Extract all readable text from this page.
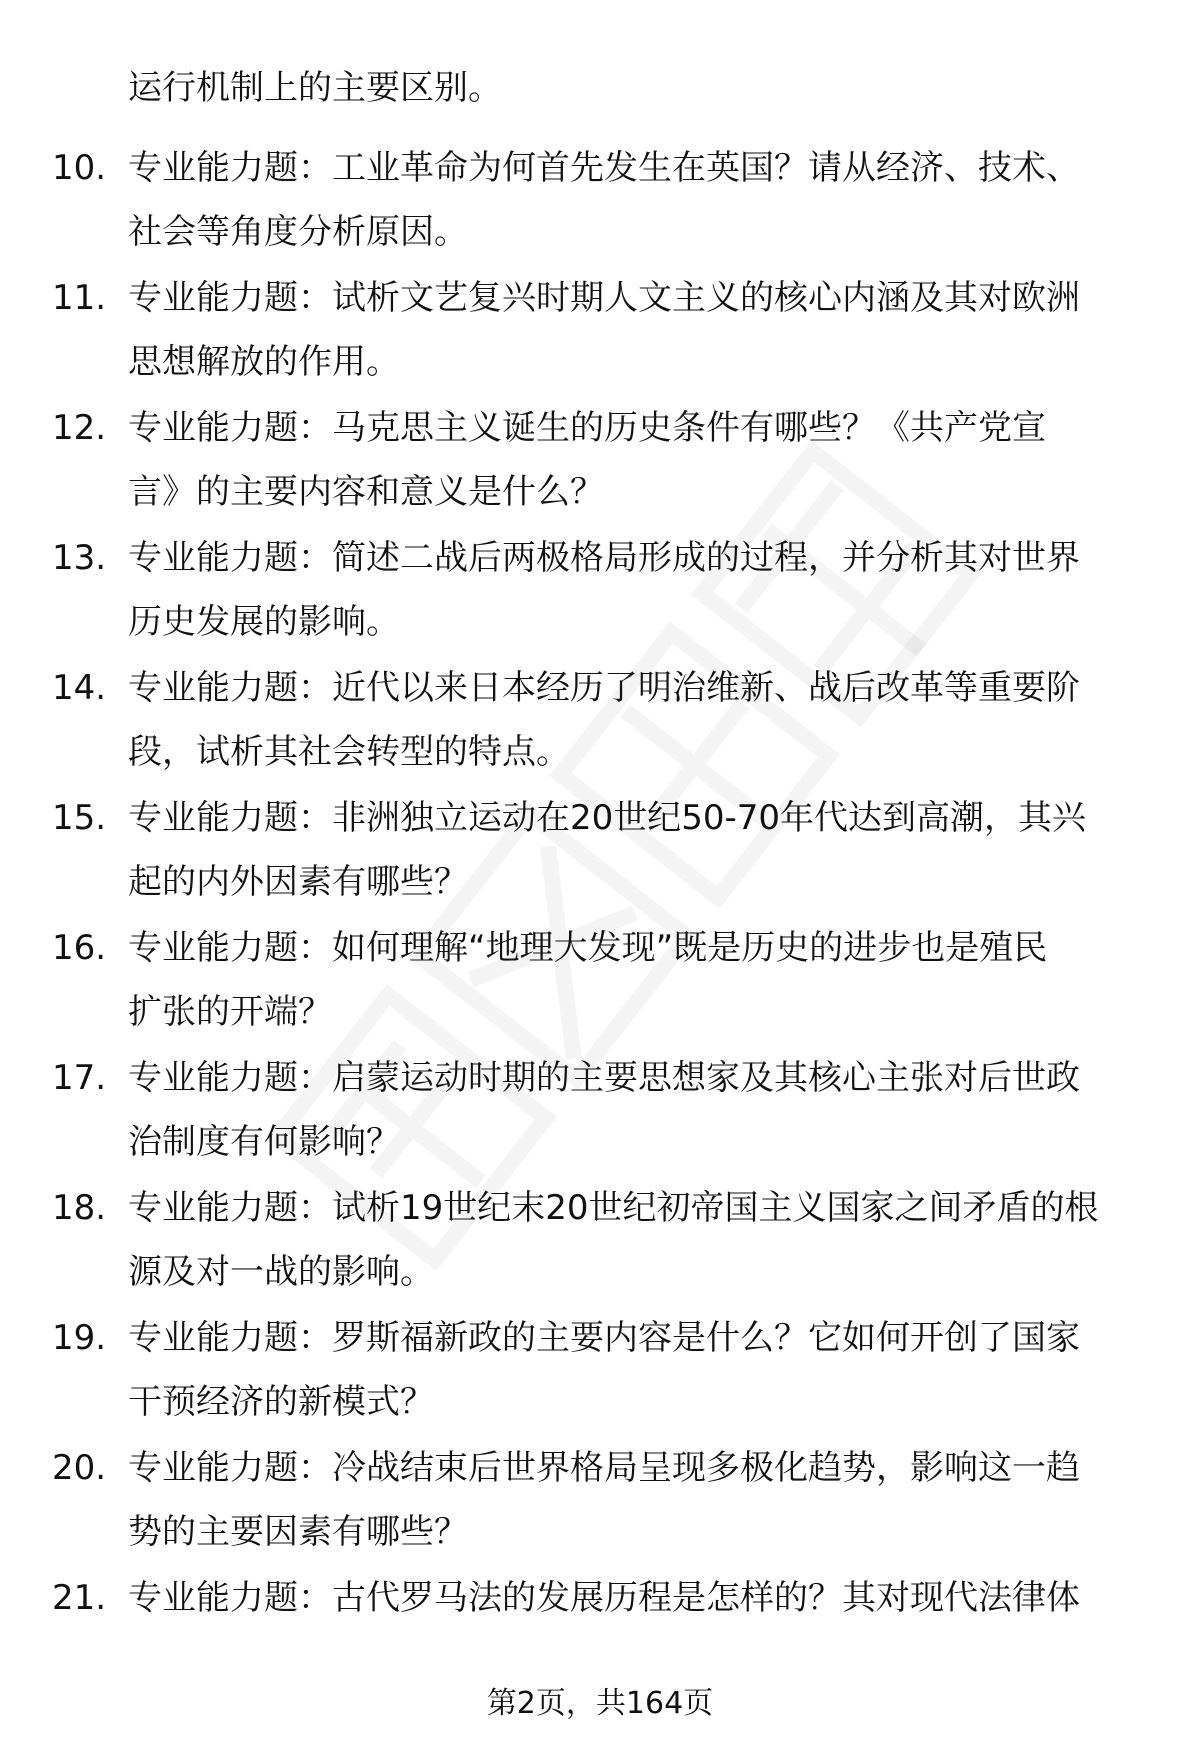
运行机制上的主要区别。

10. 专业能力题：工业革命为何首先发生在英国？请从经济、技术、
社会等角度分析原因。
11. 专业能力题：试析文艺复兴时期人文主义的核心内涵及其对欧洲
思想解放的作用。
12. 专业能力题：马克思主义诞生的历史条件有哪些？《共产党宣
言》的主要内容和意义是什么？
13. 专业能力题：简述二战后两极格局形成的过程，并分析其对世界
历史发展的影响。
14. 专业能力题：近代以来日本经历了明治维新、战后改革等重要阶
段，试析其社会转型的特点。
15. 专业能力题：非洲独立运动在20世纪50-70年代达到高潮，其兴
起的内外因素有哪些？
16. 专业能力题：如何理解“地理大发现”既是历史的进步也是殖民
扩张的开端？
17. 专业能力题：启蒙运动时期的主要思想家及其核心主张对后世政
治制度有何影响？
18. 专业能力题：试析19世纪末20世纪初帝国主义国家之间矛盾的根
源及对一战的影响。
19. 专业能力题：罗斯福新政的主要内容是什么？它如何开创了国家
干预经济的新模式？
20. 专业能力题：冷战结束后世界格局呈现多极化趋势，影响这一趋
势的主要因素有哪些？
21. 专业能力题：古代罗马法的发展历程是怎样的？其对现代法律体

第2页，共164页
